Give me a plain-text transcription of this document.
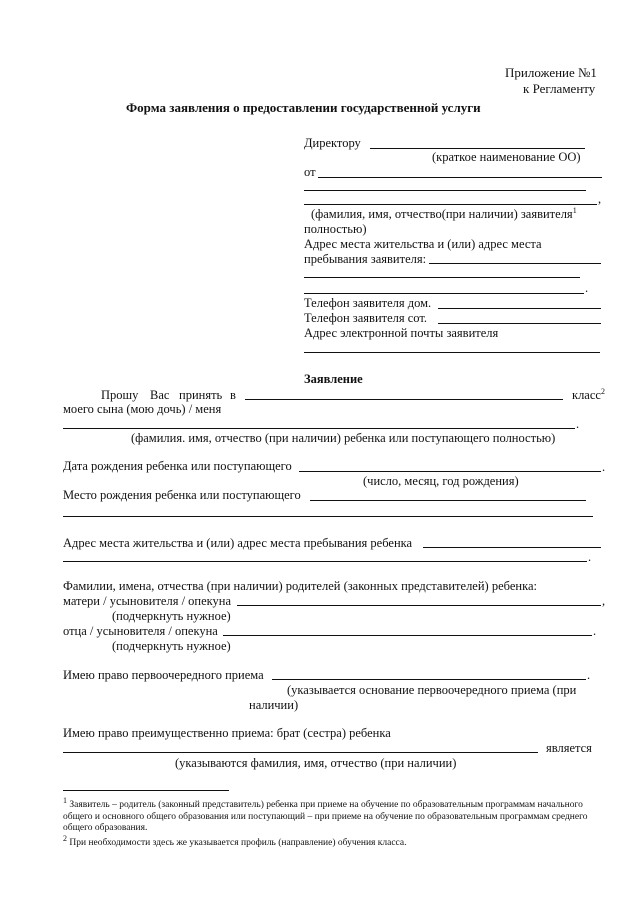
Приложение №1
к Регламенту
Форма заявления о предоставлении государственной услуги
Директору
(краткое наименование ОО)
от
,
(фамилия, имя, отчество(при наличии) заявителя$^1$
полностью)
Адрес места жительства и (или) адрес места
пребывания заявителя:
.
Телефон заявителя дом.
Телефон заявителя сот.
Адрес электронной почты заявителя
Заявление
Прошу Вас принять в	класс$^2$
моего сына (мою дочь) / меня
.
(фамилия. имя, отчество (при наличии) ребенка или поступающего полностью)
Дата рождения ребенка или поступающего	.
(число, месяц, год рождения)
Место рождения ребенка или поступающего
Адрес места жительства и (или) адрес места пребывания ребенка
.
Фамилии, имена, отчества (при наличии) родителей (законных представителей) ребенка:
матери / усыновителя / опекуна	,
(подчеркнуть нужное)
отца / усыновителя / опекуна	.
(подчеркнуть нужное)
Имею право первоочередного приема	.
(указывается основание первоочередного приема (при
наличии)
Имею право преимущественно приема: брат (сестра) ребенка
является
(указываются фамилия, имя, отчество (при наличии)
$^1$ Заявитель – родитель (законный представитель) ребенка при приеме на обучение по образовательным программам начального общего и основного общего образования или поступающий – при приеме на обучение по образовательным программам среднего общего образования.
$^2$ При необходимости здесь же указывается профиль (направление) обучения класса.
